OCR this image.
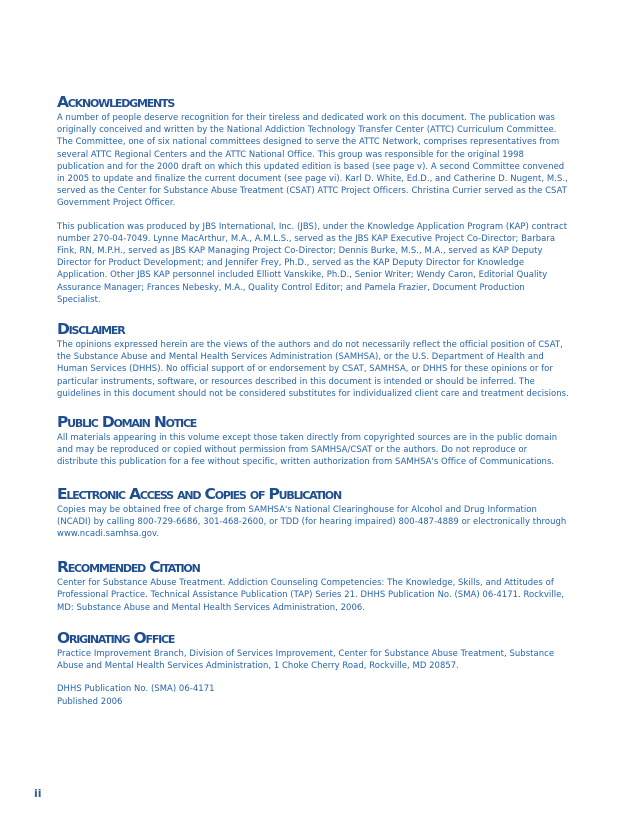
Acknowledgments

A number of people deserve recognition for their tireless and dedicated work on this document. The publication was originally conceived and written by the National Addiction Technology Transfer Center (ATTC) Curriculum Committee. The Committee, one of six national committees designed to serve the ATTC Network, comprises representatives from several ATTC Regional Centers and the ATTC National Office. This group was responsible for the original 1998 publication and for the 2000 draft on which this updated edition is based (see page v). A second Committee convened in 2005 to update and finalize the current document (see page vi). Karl D. White, Ed.D., and Catherine D. Nugent, M.S., served as the Center for Substance Abuse Treatment (CSAT) ATTC Project Officers. Christina Currier served as the CSAT Government Project Officer.

This publication was produced by JBS International, Inc. (JBS), under the Knowledge Application Program (KAP) contract number 270-04-7049. Lynne MacArthur, M.A., A.M.L.S., served as the JBS KAP Executive Project Co-Director; Barbara Fink, RN, M.P.H., served as JBS KAP Managing Project Co-Director; Dennis Burke, M.S., M.A., served as KAP Deputy Director for Product Development; and Jennifer Frey, Ph.D., served as the KAP Deputy Director for Knowledge Application. Other JBS KAP personnel included Elliott Vanskike, Ph.D., Senior Writer; Wendy Caron, Editorial Quality Assurance Manager; Frances Nebesky, M.A., Quality Control Editor; and Pamela Frazier, Document Production Specialist.

Disclaimer

The opinions expressed herein are the views of the authors and do not necessarily reflect the official position of CSAT, the Substance Abuse and Mental Health Services Administration (SAMHSA), or the U.S. Department of Health and Human Services (DHHS). No official support of or endorsement by CSAT, SAMHSA, or DHHS for these opinions or for particular instruments, software, or resources described in this document is intended or should be inferred. The guidelines in this document should not be considered substitutes for individualized client care and treatment decisions.

Public Domain Notice

All materials appearing in this volume except those taken directly from copyrighted sources are in the public domain and may be reproduced or copied without permission from SAMHSA/CSAT or the authors. Do not reproduce or distribute this publication for a fee without specific, written authorization from SAMHSA's Office of Communications.

Electronic Access and Copies of Publication

Copies may be obtained free of charge from SAMHSA's National Clearinghouse for Alcohol and Drug Information (NCADI) by calling 800-729-6686, 301-468-2600, or TDD (for hearing impaired) 800-487-4889 or electronically through www.ncadi.samhsa.gov.

Recommended Citation

Center for Substance Abuse Treatment. Addiction Counseling Competencies: The Knowledge, Skills, and Attitudes of Professional Practice. Technical Assistance Publication (TAP) Series 21. DHHS Publication No. (SMA) 06-4171. Rockville, MD: Substance Abuse and Mental Health Services Administration, 2006.

Originating Office

Practice Improvement Branch, Division of Services Improvement, Center for Substance Abuse Treatment, Substance Abuse and Mental Health Services Administration, 1 Choke Cherry Road, Rockville, MD 20857.

DHHS Publication No. (SMA) 06-4171
Published 2006

ii
